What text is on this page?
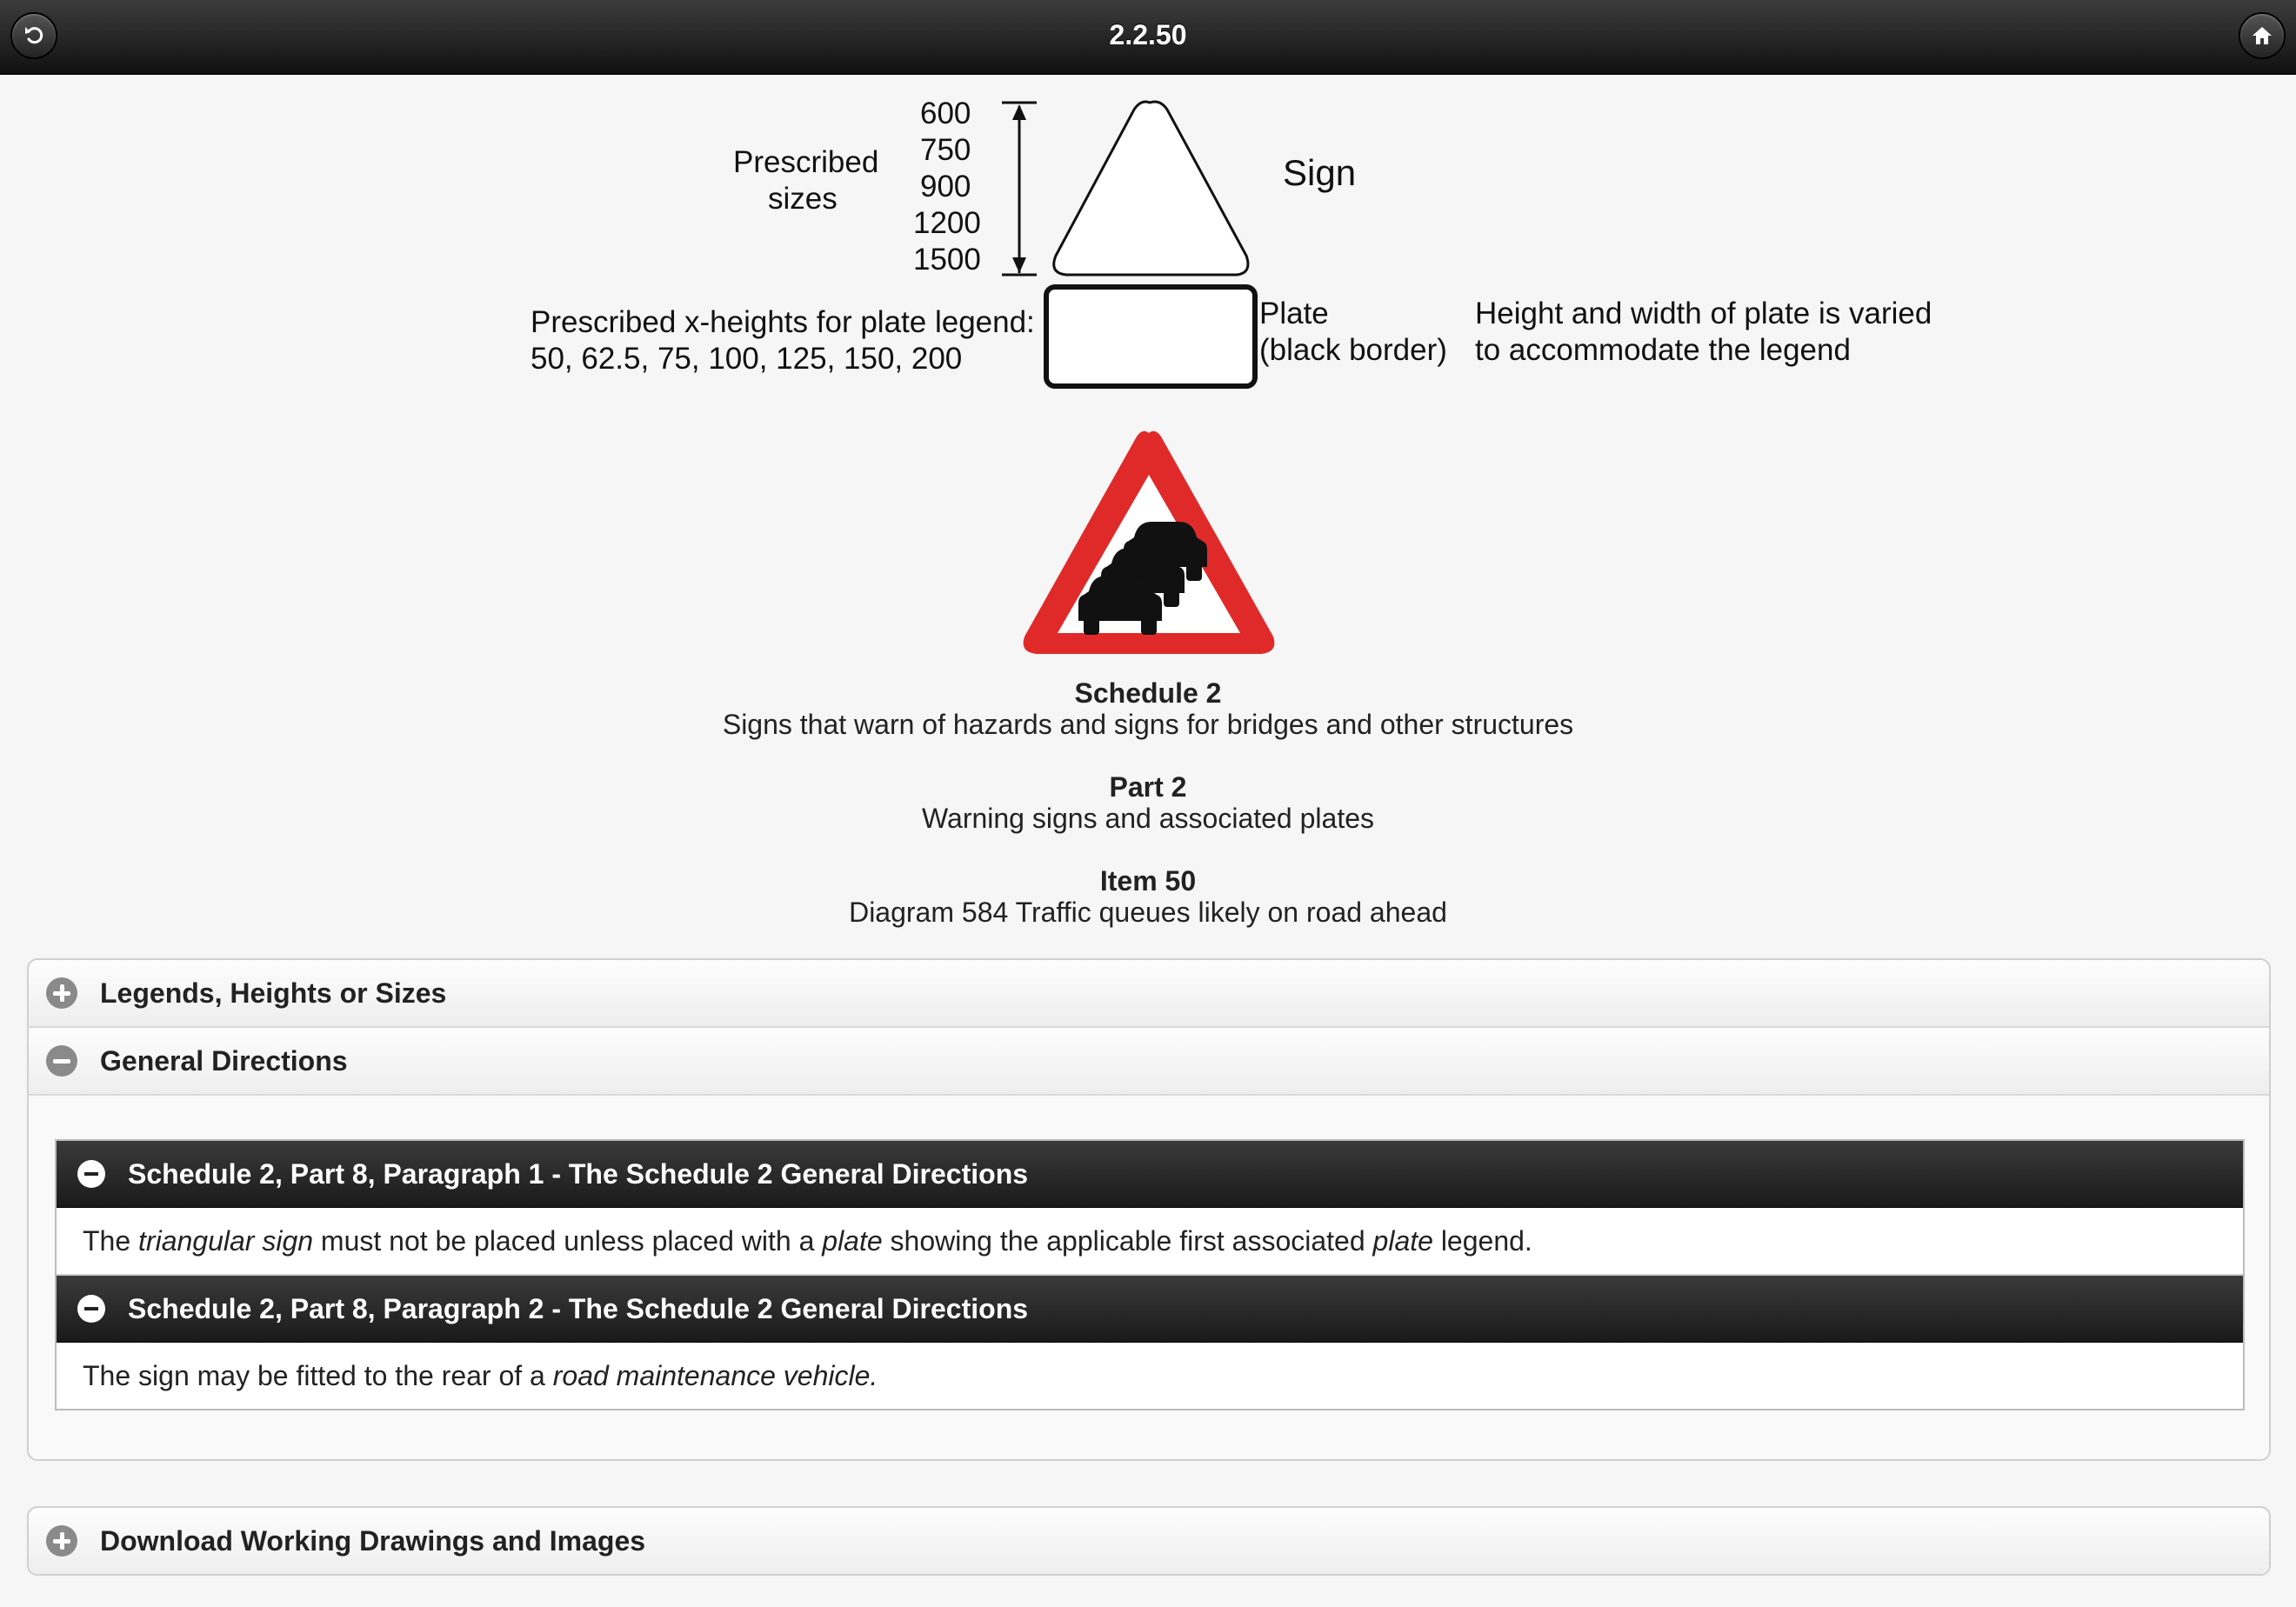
2.2.50
Prescribed
sizes
600
750
900
1200
1500
Sign
Prescribed x-heights for plate legend:
50, 62.5, 75, 100, 125, 150, 200
Plate
(black border)
Height and width of plate is varied
to accommodate the legend
Schedule 2
Signs that warn of hazards and signs for bridges and other structures
Part 2
Warning signs and associated plates
Item 50
Diagram 584 Traffic queues likely on road ahead
Legends, Heights or Sizes
General Directions
Schedule 2, Part 8, Paragraph 1 - The Schedule 2 General Directions
The triangular sign must not be placed unless placed with a plate showing the applicable first associated plate legend.
Schedule 2, Part 8, Paragraph 2 - The Schedule 2 General Directions
The sign may be fitted to the rear of a road maintenance vehicle.
Download Working Drawings and Images
